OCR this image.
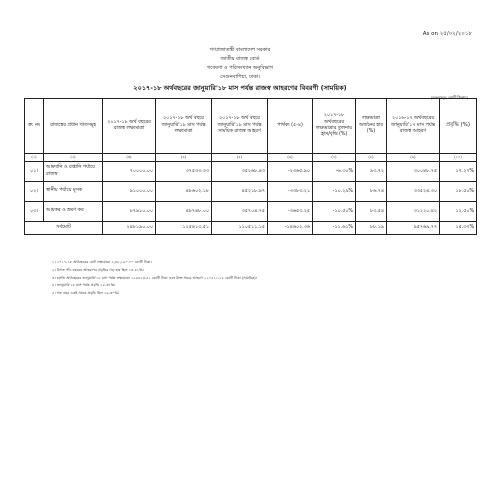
As on ২৫/০২/২০১৮
গণপ্রজাতন্ত্রী বাংলাদেশ সরকার
জাতীয় রাজস্ব বোর্ড
গবেষণা ও পরিসংখ্যান অনুবিভাগ
সেগুনবাগিচা, ঢাকা।
২০১৭-১৮ অর্থবছরের জানুয়ারি'১৮ মাস পর্যন্ত রাজস্ব আহরণের বিবরণী (সাময়িক)
(অংকসমূহ কোটি টাকায়)
ক্র: নং	রাজস্বের প্রধান খাতসমূহ	২০১৭-১৮ অর্থ বছরের রাজস্ব লক্ষ্যমাত্রা	২০১৭-১৮ অর্থ বছরে জানুয়ারি'১৮ মাস পর্যন্ত লক্ষ্যমাত্রা	২০১৭-১৮ অর্থ বছরে জানুয়ারি'১৮ মাস পর্যন্ত সাময়িক রাজস্ব আহরণ	পার্থক্য (৫-৪)	২০১৭-১৮ অর্থবছরের লক্ষ্যমাত্রার তুলনায় হ্রাস/বৃদ্ধি (%)	লক্ষ্যমাত্রা অর্জনের হার (%)	২০১৬-১৭ অর্থবছরের জানুয়ারি'১৭ মাস পর্যন্ত রাজস্ব আহরণ	প্রবৃদ্ধি (%)
(১)	(২)	(৩)	(৪)	(৫)	(৬)	(৭)	(৮)	(৯)	(১০)
০১।	আমদানি ও রপ্তানি পর্যায়ে রাজস্ব	৭০০০০.০০	৩৭৫৩৩.৩৩	৩৫২৬৮.৪৩	-২৩৬৫.৯০	-৬.৩০%	৯৩.৭২	৩০০৪৮.৭৫	১৭.২৭%
০২।	স্থানীয় পর্যায়ে মূসক	৯১০০০.০০	৪৮৬০২.১৮	৪৫২১৮.৯৭	-৩৩৮৩.২১	-১০.২৯%	৮৬.৭৪	৩৩৫২৪.৩০	১৮.৫০%
০৩।	আয়কর ও ভ্রমণ কর	৮৭৯১০.০০	৪৮৭৪৮.০০	৩৫৭০৪.৭৫	-৩৬৫৩.২৫	-১০.৫০%	৮৩.৫৪	৩১২২০.৪২	১২.৫০%
সর্বমোট		২৪৮১৯০.০০	১২৫৪১৩.৫১	১১০৫১১.১৫	-১৪৬০২.৩৬	-১১.৬১%	৮৮.১৯	৯৫৭৬৯.৭৭	১৫.৩৭%
১। ২০১৭-১৮ অর্থবছরের মোট লক্ষ্যমাত্রা ২,৪৮,১৯০.০০ কোটি টাকা।
২। বিগত পাঁচ বছরের আহরণের প্রবৃদ্ধির গড় হার ছিল ১৪.৪১%।
৩। চলতি অর্থবছরের জানুয়ারি'১৮ মাস পর্যন্ত লক্ষ্যমাত্রা ১২৫৪১৩.৫১ কোটি টাকা এবং উক্ত সময়ে আহরণ ১১০৫১১.১৫ কোটি টাকা (সাময়িক)।
৪। জানুয়ারি'১৮ মাস পর্যন্ত প্রবৃদ্ধি ১৫.৩৭%।
৫। গত বছর একই সময়ে প্রবৃদ্ধি ছিল ১৯.৩০%।
